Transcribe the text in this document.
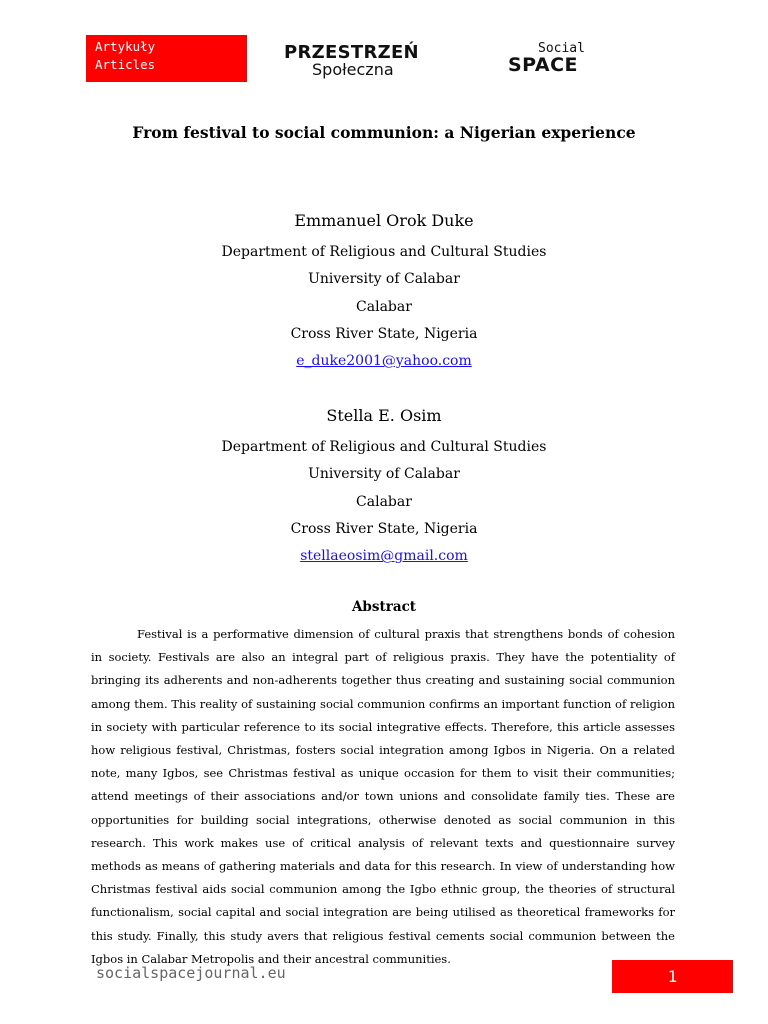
Artykuły
Articles
PRZESTRZEŃ
Społeczna
Social
SPACE
From festival to social communion: a Nigerian experience
Emmanuel Orok Duke
Department of Religious and Cultural Studies
University of Calabar
Calabar
Cross River State, Nigeria
e_duke2001@yahoo.com
Stella E. Osim
Department of Religious and Cultural Studies
University of Calabar
Calabar
Cross River State, Nigeria
stellaeosim@gmail.com
Abstract
Festival is a performative dimension of cultural praxis that strengthens bonds of cohesion in society. Festivals are also an integral part of religious praxis. They have the potentiality of bringing its adherents and non-adherents together thus creating and sustaining social communion among them. This reality of sustaining social communion confirms an important function of religion in society with particular reference to its social integrative effects. Therefore, this article assesses how religious festival, Christmas, fosters social integration among Igbos in Nigeria. On a related note, many Igbos, see Christmas festival as unique occasion for them to visit their communities; attend meetings of their associations and/or town unions and consolidate family ties. These are opportunities for building social integrations, otherwise denoted as social communion in this research. This work makes use of critical analysis of relevant texts and questionnaire survey methods as means of gathering materials and data for this research. In view of understanding how Christmas festival aids social communion among the Igbo ethnic group, the theories of structural functionalism, social capital and social integration are being utilised as theoretical frameworks for this study. Finally, this study avers that religious festival cements social communion between the Igbos in Calabar Metropolis and their ancestral communities.
socialspacejournal.eu	1
